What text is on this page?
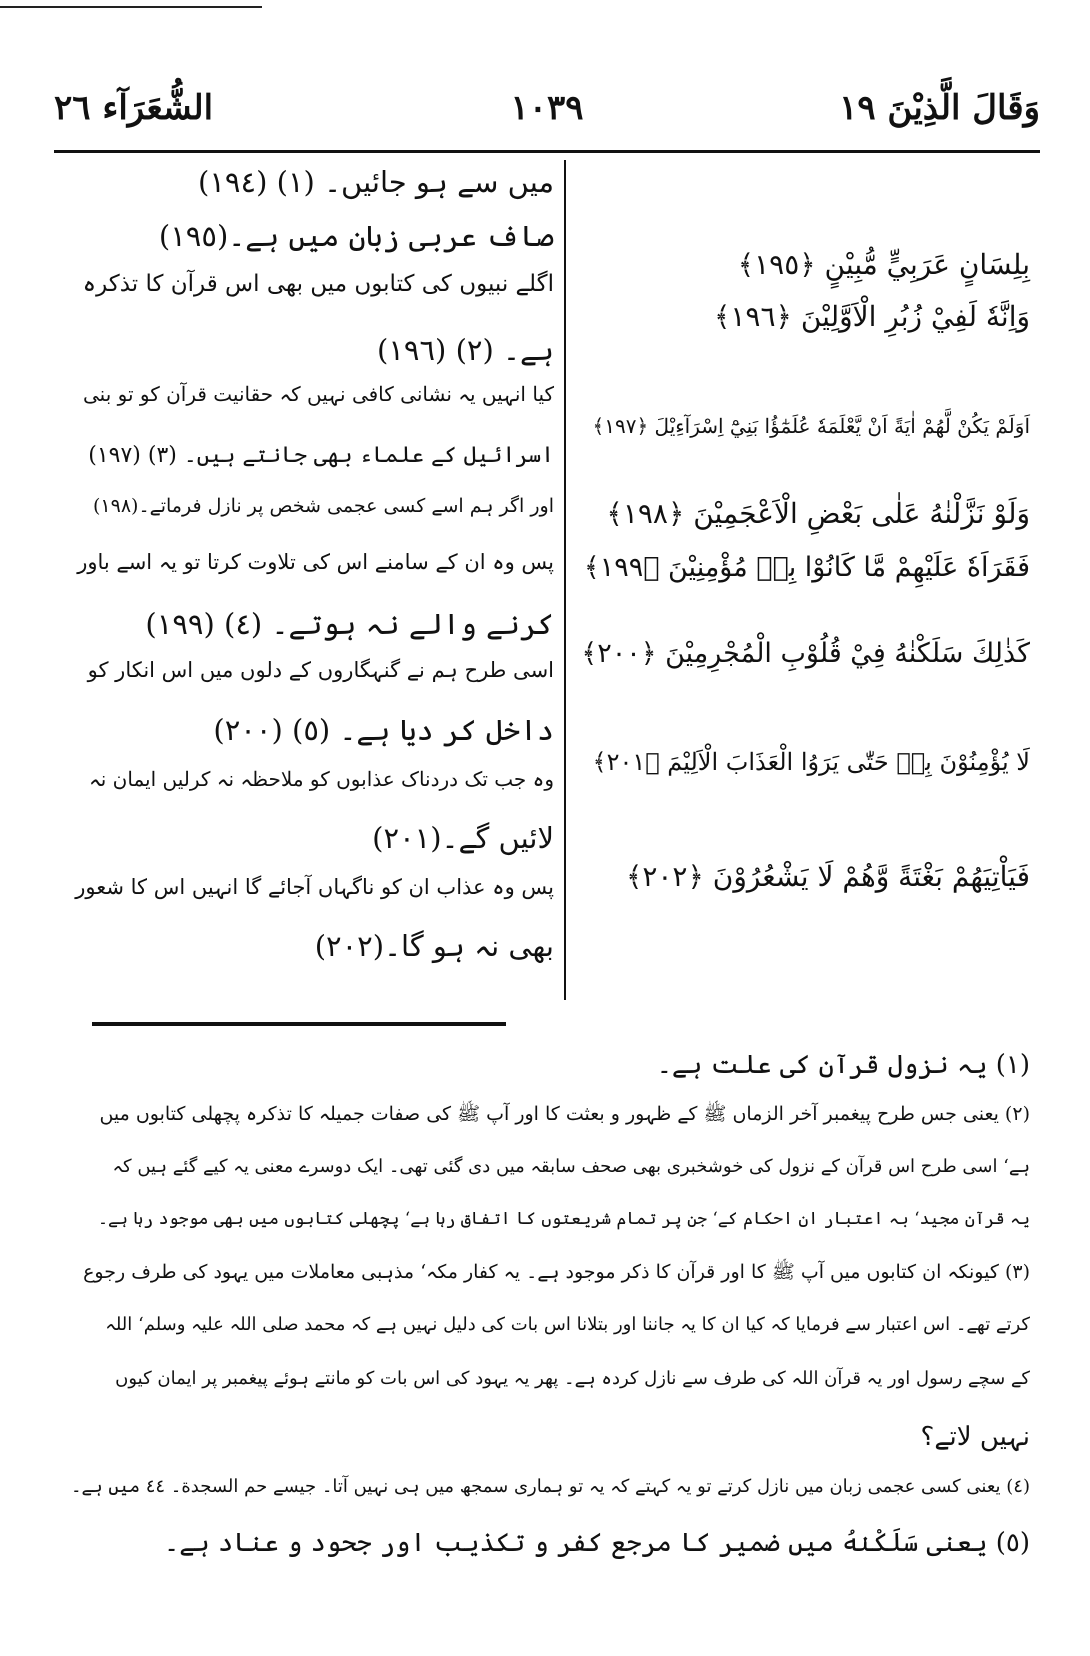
وَقَالَ الَّذِيْنَ ١٩
١٠٣٩
الشُّعَرَآء ٢٦
میں سے ہو جائیں۔ (١) (١٩٤)
صاف عربی زبان میں ہے۔(١٩٥)
اگلے نبیوں کی کتابوں میں بھی اس قرآن کا تذکرہ
ہے۔ (٢) (١٩٦)
کیا انہیں یہ نشانی کافی نہیں کہ حقانیت قرآن کو تو بنی
اسرائیل کے علماء بھی جانتے ہیں۔ (٣) (١٩٧)
اور اگر ہم اسے کسی عجمی شخص پر نازل فرماتے۔(١٩٨)
پس وہ ان کے سامنے اس کی تلاوت کرتا تو یہ اسے باور
کرنے والے نہ ہوتے۔ (٤) (١٩٩)
اسی طرح ہم نے گنہگاروں کے دلوں میں اس انکار کو
داخل کر دیا ہے۔ (٥) (٢٠٠)
وہ جب تک دردناک عذابوں کو ملاحظہ نہ کرلیں ایمان نہ
لائیں گے۔(٢٠١)
پس وہ عذاب ان کو ناگہاں آجائے گا انہیں اس کا شعور
بھی نہ ہو گا۔(٢٠٢)
بِلِسَانٍ عَرَبِيٍّ مُّبِيْنٍ ﴿١٩٥﴾
وَاِنَّهٗ لَفِيْ زُبُرِ الْاَوَّلِيْنَ ﴿١٩٦﴾
اَوَلَمْ يَكُنْ لَّهُمْ اٰيَةً اَنْ يَّعْلَمَهٗ عُلَمٰٓؤُا بَنِيْٓ اِسْرَآءِيْلَ ﴿١٩٧﴾
وَلَوْ نَزَّلْنٰهُ عَلٰى بَعْضِ الْاَعْجَمِيْنَ ﴿١٩٨﴾
فَقَرَاَهٗ عَلَيْهِمْ مَّا كَانُوْا بِهٖ مُؤْمِنِيْنَ ﴿١٩٩﴾
كَذٰلِكَ سَلَكْنٰهُ فِيْ قُلُوْبِ الْمُجْرِمِيْنَ ﴿٢٠٠﴾
لَا يُؤْمِنُوْنَ بِهٖ حَتّٰى يَرَوُا الْعَذَابَ الْاَلِيْمَ ﴿٢٠١﴾
فَيَاْتِيَهُمْ بَغْتَةً وَّهُمْ لَا يَشْعُرُوْنَ ﴿٢٠٢﴾
(١) یہ نزول قرآن کی علت ہے۔
(٢) یعنی جس طرح پیغمبر آخر الزماں ﷺ کے ظہور و بعثت کا اور آپ ﷺ کی صفات جمیلہ کا تذکرہ پچھلی کتابوں میں
ہے‘ اسی طرح اس قرآن کے نزول کی خوشخبری بھی صحف سابقہ میں دی گئی تھی۔ ایک دوسرے معنی یہ کیے گئے ہیں کہ
یہ قرآن مجید‘ بہ اعتبار ان احکام کے‘ جن پر تمام شریعتوں کا اتفاق رہا ہے‘ پچھلی کتابوں میں بھی موجود رہا ہے۔
(٣) کیونکہ ان کتابوں میں آپ ﷺ کا اور قرآن کا ذکر موجود ہے۔ یہ کفار مکہ‘ مذہبی معاملات میں یہود کی طرف رجوع
کرتے تھے۔ اس اعتبار سے فرمایا کہ کیا ان کا یہ جاننا اور بتلانا اس بات کی دلیل نہیں ہے کہ محمد صلی اللہ علیہ وسلم‘ اللہ
کے سچے رسول اور یہ قرآن اللہ کی طرف سے نازل کردہ ہے۔ پھر یہ یہود کی اس بات کو مانتے ہوئے پیغمبر پر ایمان کیوں
نہیں لاتے؟
(٤) یعنی کسی عجمی زبان میں نازل کرتے تو یہ کہتے کہ یہ تو ہماری سمجھ میں ہی نہیں آتا۔ جیسے حم السجدة۔ ٤٤ میں ہے۔
(٥) یعنی سَلَكْنٰهُ میں ضمیر کا مرجع کفر و تکذیب اور جحود و عناد ہے۔
